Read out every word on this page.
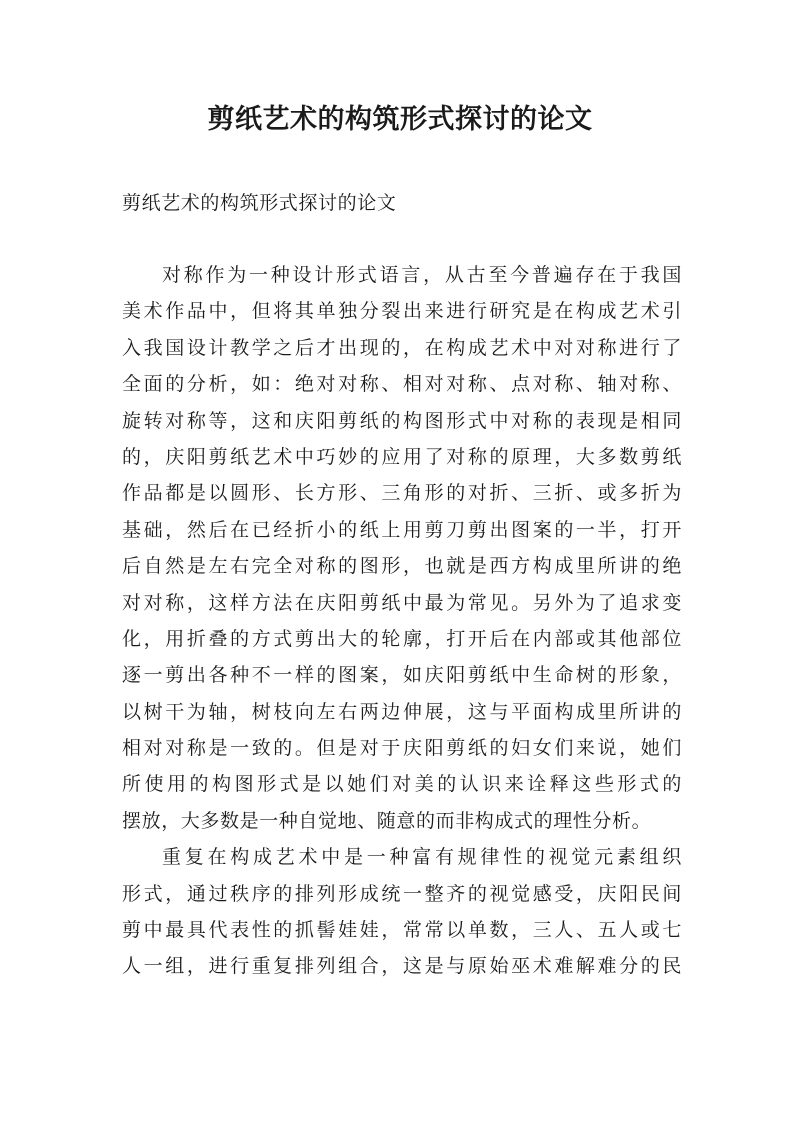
剪纸艺术的构筑形式探讨的论文
剪纸艺术的构筑形式探讨的论文
对称作为一种设计形式语言，从古至今普遍存在于我国
美术作品中，但将其单独分裂出来进行研究是在构成艺术引
入我国设计教学之后才出现的，在构成艺术中对对称进行了
全面的分析，如：绝对对称、相对对称、点对称、轴对称、
旋转对称等，这和庆阳剪纸的构图形式中对称的表现是相同
的，庆阳剪纸艺术中巧妙的应用了对称的原理，大多数剪纸
作品都是以圆形、长方形、三角形的对折、三折、或多折为
基础，然后在已经折小的纸上用剪刀剪出图案的一半，打开
后自然是左右完全对称的图形，也就是西方构成里所讲的绝
对对称，这样方法在庆阳剪纸中最为常见。另外为了追求变
化，用折叠的方式剪出大的轮廓，打开后在内部或其他部位
逐一剪出各种不一样的图案，如庆阳剪纸中生命树的形象，
以树干为轴，树枝向左右两边伸展，这与平面构成里所讲的
相对对称是一致的。但是对于庆阳剪纸的妇女们来说，她们
所使用的构图形式是以她们对美的认识来诠释这些形式的
摆放，大多数是一种自觉地、随意的而非构成式的理性分析。
重复在构成艺术中是一种富有规律性的视觉元素组织
形式，通过秩序的排列形成统一整齐的视觉感受，庆阳民间
剪中最具代表性的抓髻娃娃，常常以单数，三人、五人或七
人一组，进行重复排列组合，这是与原始巫术难解难分的民
